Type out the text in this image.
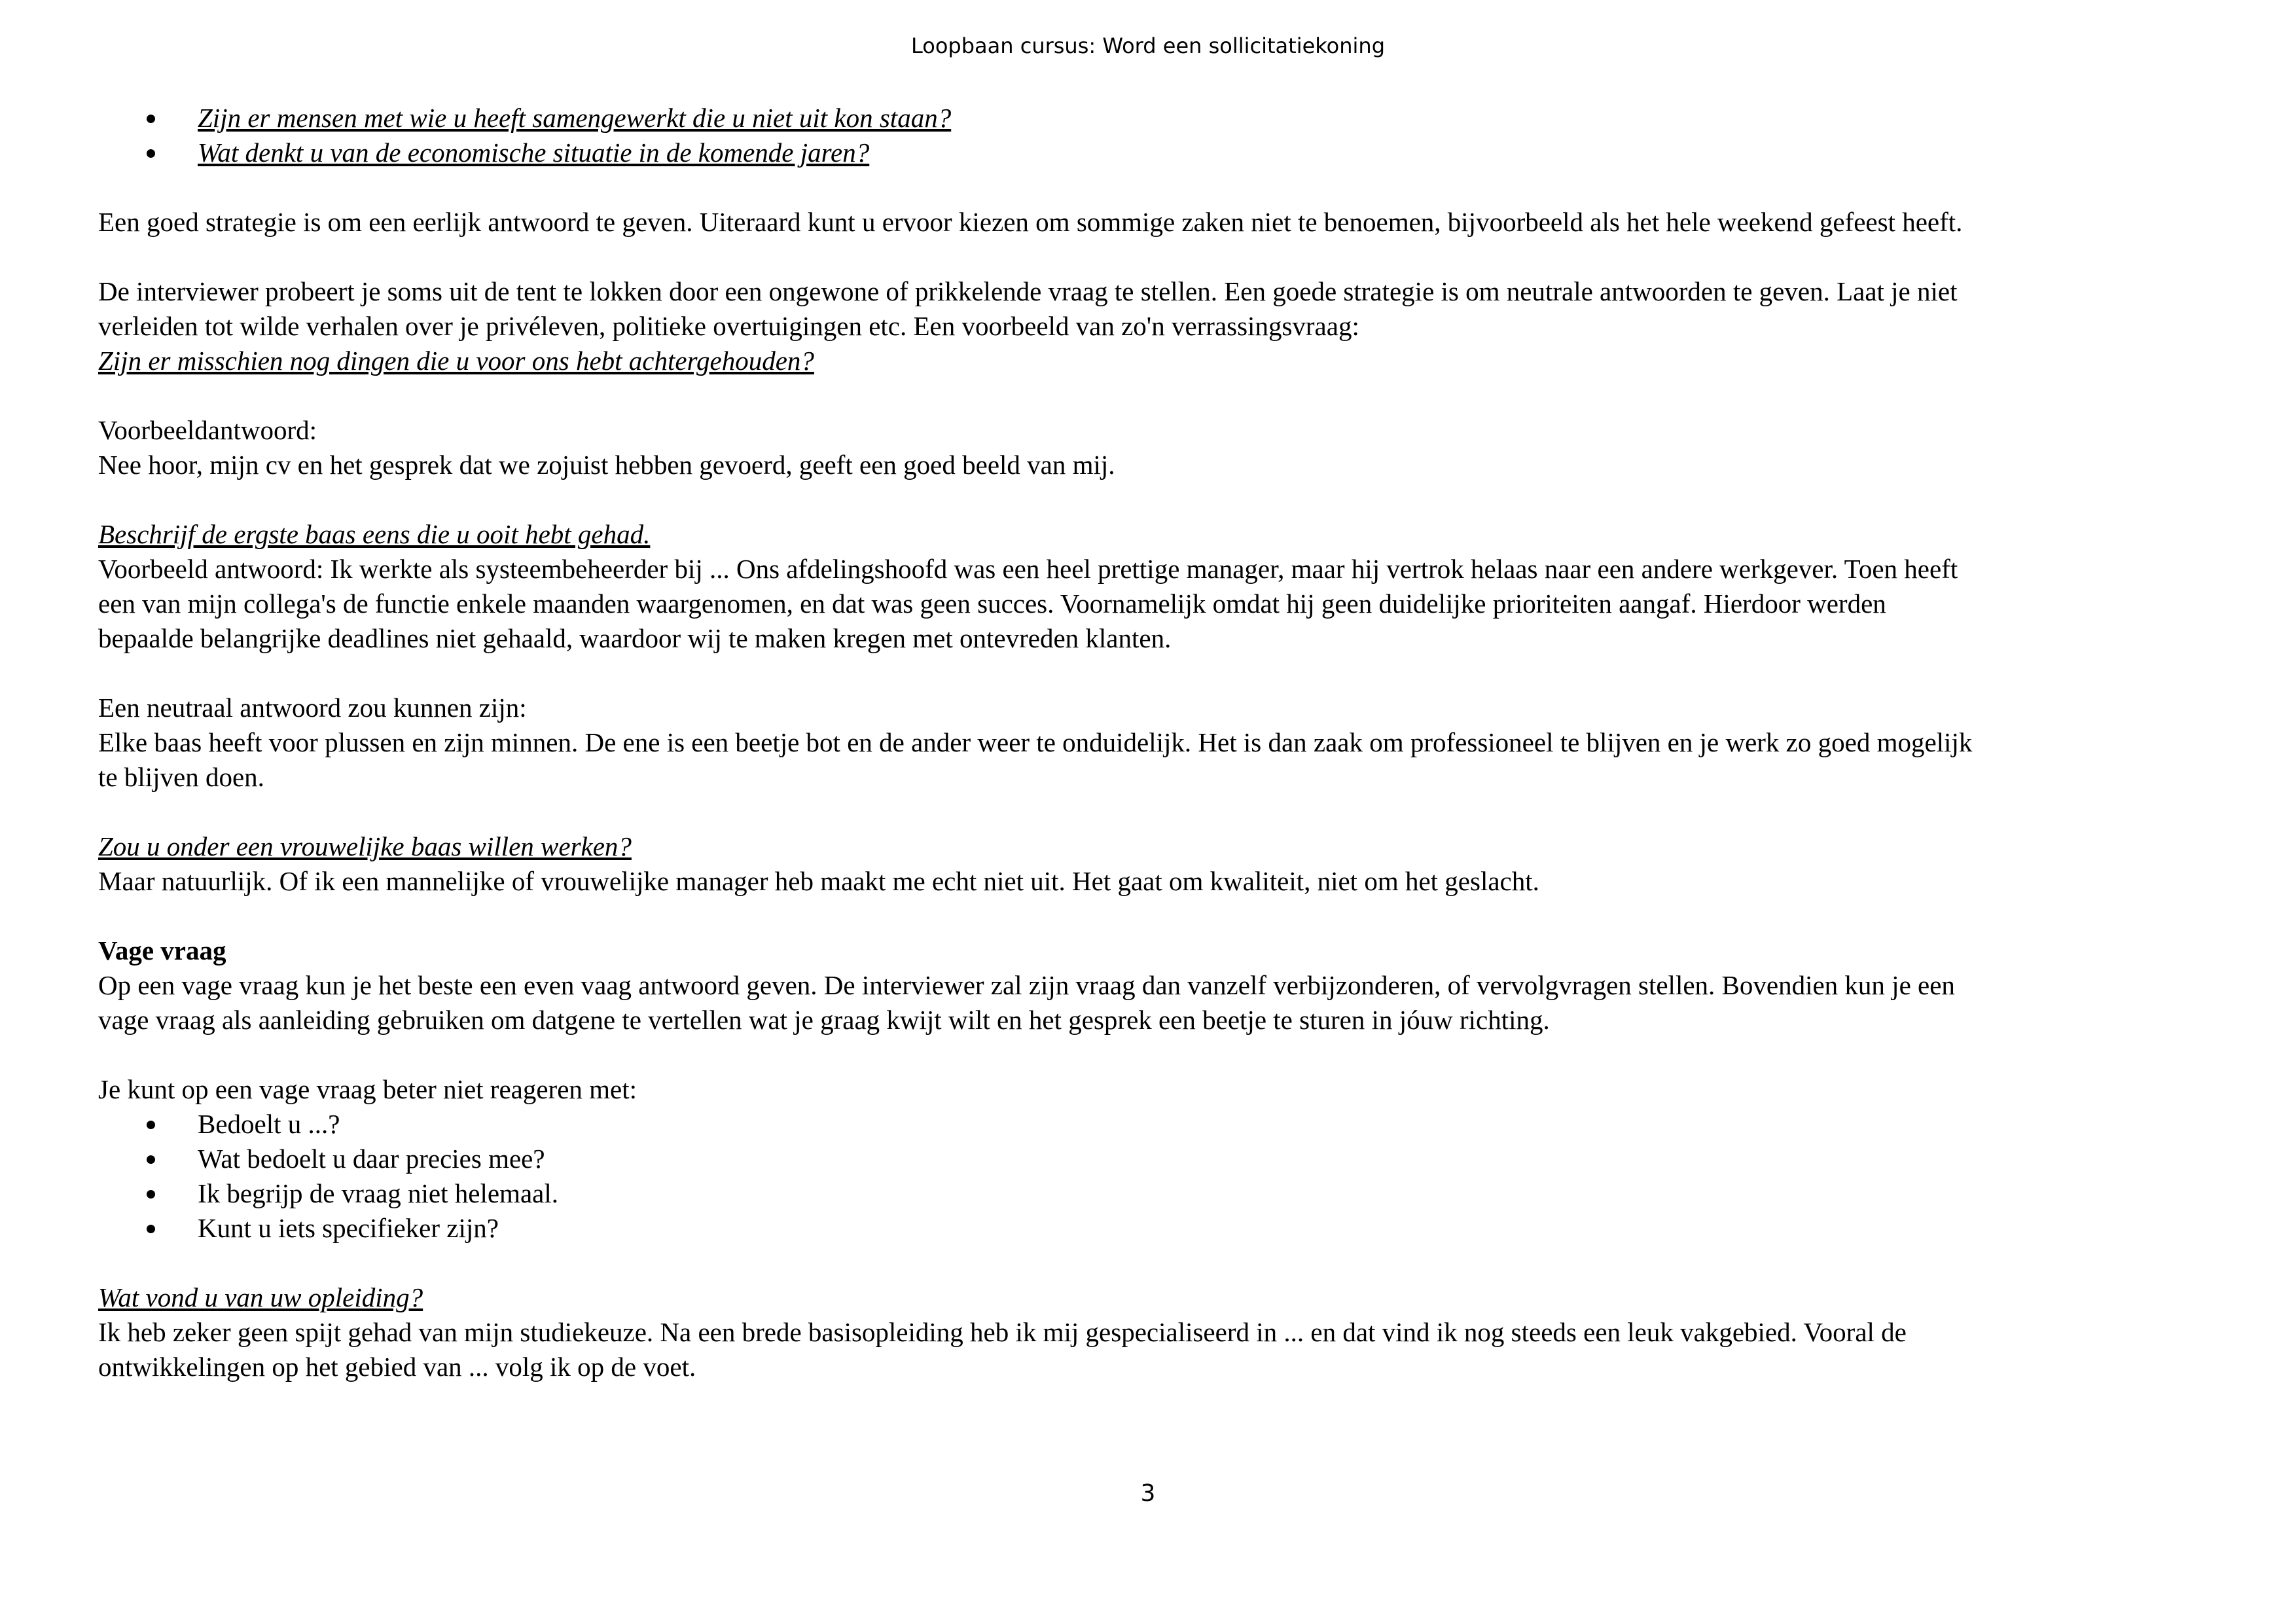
Loopbaan cursus: Word een sollicitatiekoning
Zijn er mensen met wie u heeft samengewerkt die u niet uit kon staan?
Wat denkt u van de economische situatie in de komende jaren?

Een goed strategie is om een eerlijk antwoord te geven. Uiteraard kunt u ervoor kiezen om sommige zaken niet te benoemen, bijvoorbeeld als het hele weekend gefeest heeft.

De interviewer probeert je soms uit de tent te lokken door een ongewone of prikkelende vraag te stellen. Een goede strategie is om neutrale antwoorden te geven. Laat je niet

verleiden tot wilde verhalen over je privéleven, politieke overtuigingen etc. Een voorbeeld van zo'n verrassingsvraag:

Zijn er misschien nog dingen die u voor ons hebt achtergehouden?

Voorbeeldantwoord:

Nee hoor, mijn cv en het gesprek dat we zojuist hebben gevoerd, geeft een goed beeld van mij.

Beschrijf de ergste baas eens die u ooit hebt gehad.

Voorbeeld antwoord: Ik werkte als systeembeheerder bij ... Ons afdelingshoofd was een heel prettige manager, maar hij vertrok helaas naar een andere werkgever. Toen heeft

een van mijn collega's de functie enkele maanden waargenomen, en dat was geen succes. Voornamelijk omdat hij geen duidelijke prioriteiten aangaf. Hierdoor werden

bepaalde belangrijke deadlines niet gehaald, waardoor wij te maken kregen met ontevreden klanten.

Een neutraal antwoord zou kunnen zijn:

Elke baas heeft voor plussen en zijn minnen. De ene is een beetje bot en de ander weer te onduidelijk. Het is dan zaak om professioneel te blijven en je werk zo goed mogelijk

te blijven doen.

Zou u onder een vrouwelijke baas willen werken?

Maar natuurlijk. Of ik een mannelijke of vrouwelijke manager heb maakt me echt niet uit. Het gaat om kwaliteit, niet om het geslacht.

Vage vraag

Op een vage vraag kun je het beste een even vaag antwoord geven. De interviewer zal zijn vraag dan vanzelf verbijzonderen, of vervolgvragen stellen. Bovendien kun je een

vage vraag als aanleiding gebruiken om datgene te vertellen wat je graag kwijt wilt en het gesprek een beetje te sturen in jóuw richting.

Je kunt op een vage vraag beter niet reageren met:

Bedoelt u ...?
Wat bedoelt u daar precies mee?
Ik begrijp de vraag niet helemaal.
Kunt u iets specifieker zijn?

Wat vond u van uw opleiding?

Ik heb zeker geen spijt gehad van mijn studiekeuze. Na een brede basisopleiding heb ik mij gespecialiseerd in ... en dat vind ik nog steeds een leuk vakgebied. Vooral de

ontwikkelingen op het gebied van ... volg ik op de voet.

3
